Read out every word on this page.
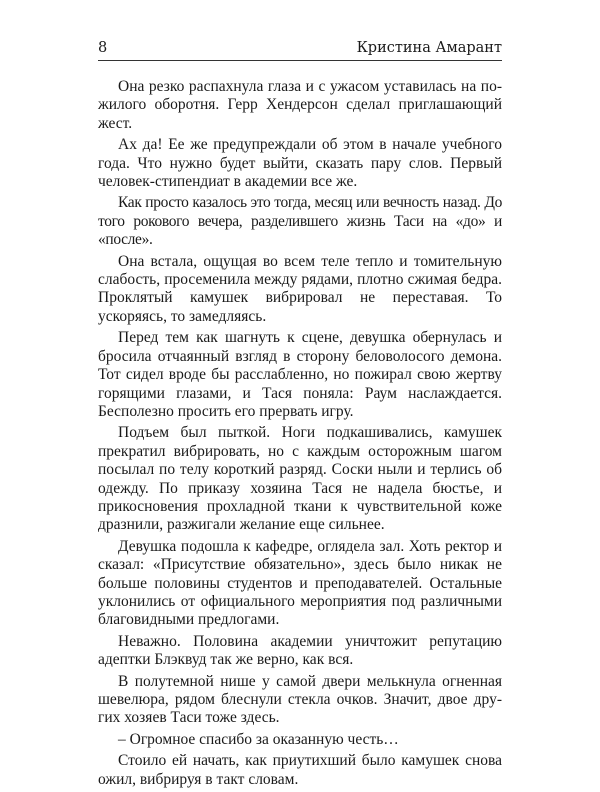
8	Кристина Амарант

Она резко распахнула глаза и с ужасом уставилась на пожилого оборотня. Герр Хендерсон сделал приглашающий жест.

Ах да! Ее же предупреждали об этом в начале учебного года. Что нужно будет выйти, сказать пару слов. Первый человек-стипендиат в академии все же.

Как просто казалось это тогда, месяц или вечность назад. До того рокового вечера, разделившего жизнь Таси на «до» и «после».

Она встала, ощущая во всем теле тепло и томительную слабость, просеменила между рядами, плотно сжимая бедра. Проклятый камушек вибрировал не переставая. То ускоряясь, то замедляясь.

Перед тем как шагнуть к сцене, девушка обернулась и бросила отчаянный взгляд в сторону беловолосого демона. Тот сидел вроде бы расслабленно, но пожирал свою жертву горящими глазами, и Тася поняла: Раум наслаждается. Бесполезно просить его прервать игру.

Подъем был пыткой. Ноги подкашивались, камушек прекратил вибрировать, но с каждым осторожным шагом посылал по телу короткий разряд. Соски ныли и терлись об одежду. По приказу хозяина Тася не надела бюстье, и прикосновения прохладной ткани к чувствительной коже дразнили, разжигали желание еще сильнее.

Девушка подошла к кафедре, оглядела зал. Хоть ректор и сказал: «Присутствие обязательно», здесь было никак не больше половины студентов и преподавателей. Остальные уклонились от официального мероприятия под различными благовидными предлогами.

Неважно. Половина академии уничтожит репутацию адептки Блэквуд так же верно, как вся.

В полутемной нише у самой двери мелькнула огненная шевелюра, рядом блеснули стекла очков. Значит, двое других хозяев Таси тоже здесь.

– Огромное спасибо за оказанную честь…

Стоило ей начать, как приутихший было камушек снова ожил, вибрируя в такт словам.
